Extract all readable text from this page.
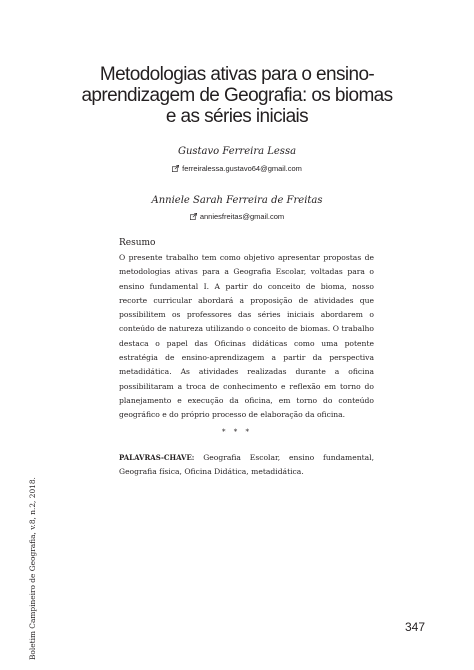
Metodologias ativas para o ensino-
aprendizagem de Geografia: os biomas
e as séries iniciais

Gustavo Ferreira Lessa

ferreiralessa.gustavo64@gmail.com

Anniele Sarah Ferreira de Freitas

anniesfreitas@gmail.com

Resumo

O presente trabalho tem como objetivo apresentar propostas de metodologias ativas para a Geografia Escolar, voltadas para o ensino fundamental I. A partir do conceito de bioma, nosso recorte curricular abordará a proposição de atividades que possibilitem os professores das séries iniciais abordarem o conteúdo de natureza utilizando o conceito de biomas. O trabalho destaca o papel das Oficinas didáticas como uma potente estratégia de ensino-aprendizagem a partir da perspectiva metadidática. As atividades realizadas durante a oficina possibilitaram a troca de conhecimento e reflexão em torno do planejamento e execução da oficina, em torno do conteúdo geográfico e do próprio processo de elaboração da oficina.

* * *

PALAVRAS-CHAVE: Geografia Escolar, ensino fundamental, Geografia física, Oficina Didática, metadidática.

Boletim Campineiro de Geografia, v.8, n.2, 2018.	347
